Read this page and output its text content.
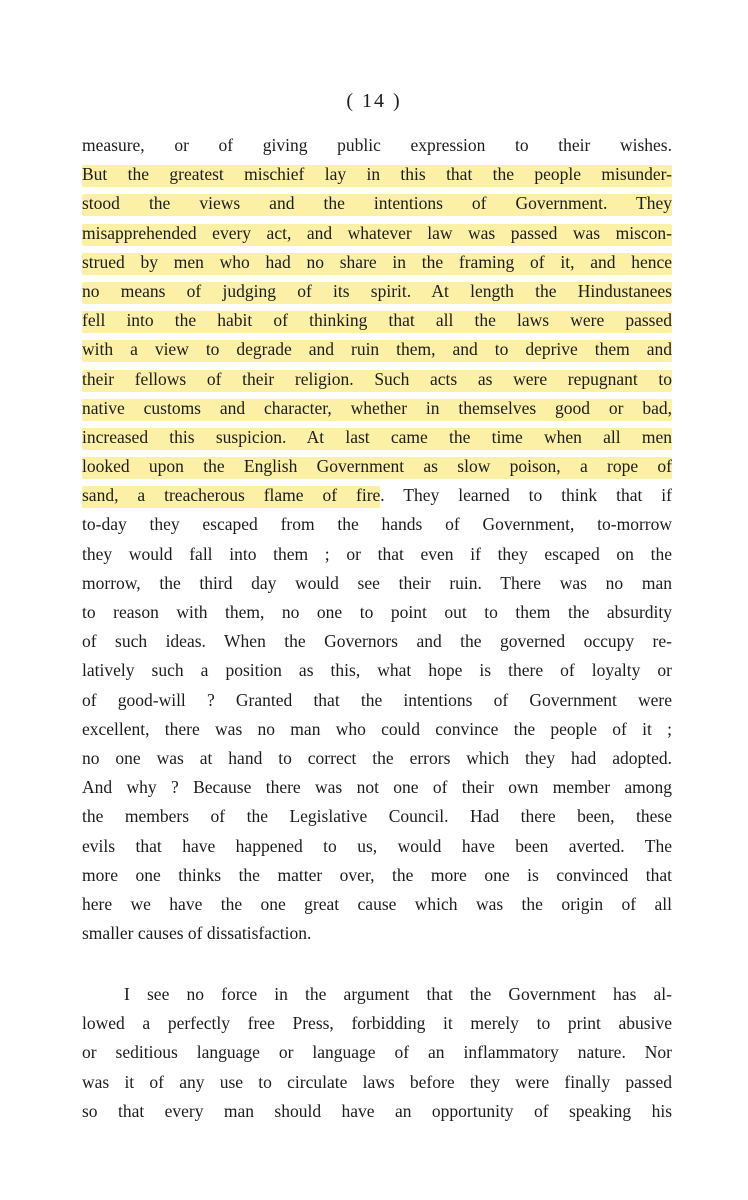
( 14 )
measure, or of giving public expression to their wishes.
But the greatest mischief lay in this that the people misunder-
stood the views and the intentions of Government. They
misapprehended every act, and whatever law was passed was miscon-
strued by men who had no share in the framing of it, and hence
no means of judging of its spirit. At length the Hindustanees
fell into the habit of thinking that all the laws were passed
with a view to degrade and ruin them, and to deprive them and
their fellows of their religion. Such acts as were repugnant to
native customs and character, whether in themselves good or bad,
increased this suspicion. At last came the time when all men
looked upon the English Government as slow poison, a rope of
sand, a treacherous flame of fire. They learned to think that if
to-day they escaped from the hands of Government, to-morrow
they would fall into them ; or that even if they escaped on the
morrow, the third day would see their ruin. There was no man
to reason with them, no one to point out to them the absurdity
of such ideas. When the Governors and the governed occupy re-
latively such a position as this, what hope is there of loyalty or
of good-will ? Granted that the intentions of Government were
excellent, there was no man who could convince the people of it ;
no one was at hand to correct the errors which they had adopted.
And why ? Because there was not one of their own member among
the members of the Legislative Council. Had there been, these
evils that have happened to us, would have been averted. The
more one thinks the matter over, the more one is convinced that
here we have the one great cause which was the origin of all
smaller causes of dissatisfaction.
I see no force in the argument that the Government has al-
lowed a perfectly free Press, forbidding it merely to print abusive
or seditious language or language of an inflammatory nature. Nor
was it of any use to circulate laws before they were finally passed
so that every man should have an opportunity of speaking his
